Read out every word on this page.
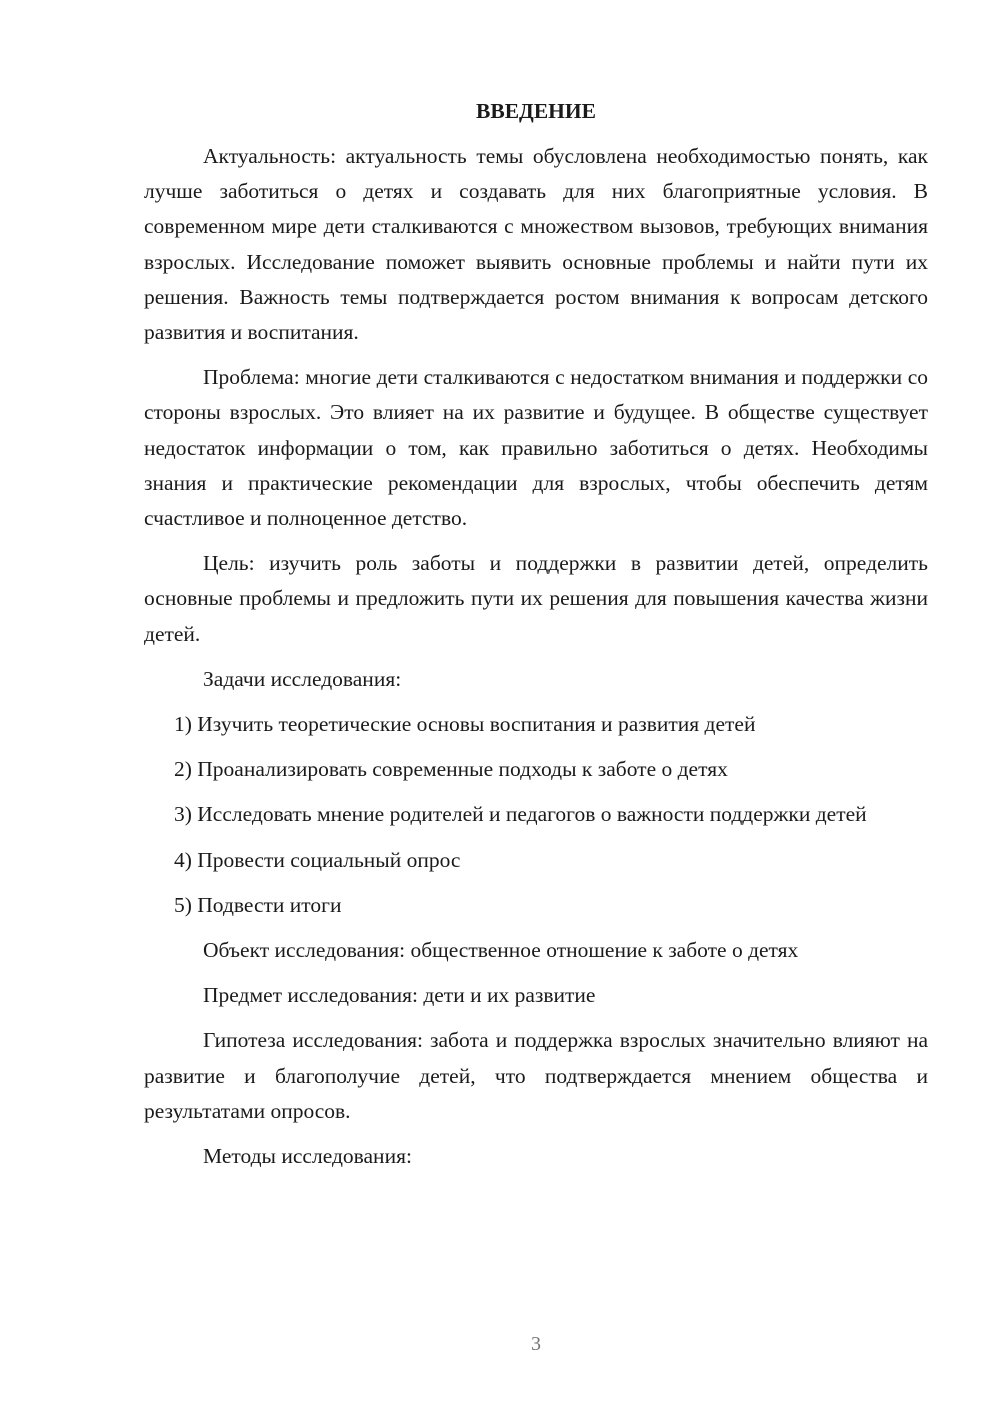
ВВЕДЕНИЕ

Актуальность: актуальность темы обусловлена необходимостью понять, как лучше заботиться о детях и создавать для них благоприятные условия. В современном мире дети сталкиваются с множеством вызовов, требующих внимания взрослых. Исследование поможет выявить основные проблемы и найти пути их решения. Важность темы подтверждается ростом внимания к вопросам детского развития и воспитания.

Проблема: многие дети сталкиваются с недостатком внимания и поддержки со стороны взрослых. Это влияет на их развитие и будущее. В обществе существует недостаток информации о том, как правильно заботиться о детях. Необходимы знания и практические рекомендации для взрослых, чтобы обеспечить детям счастливое и полноценное детство.

Цель: изучить роль заботы и поддержки в развитии детей, определить основные проблемы и предложить пути их решения для повышения качества жизни детей.

Задачи исследования:

1) Изучить теоретические основы воспитания и развития детей

2) Проанализировать современные подходы к заботе о детях

3) Исследовать мнение родителей и педагогов о важности поддержки детей

4) Провести социальный опрос

5) Подвести итоги

Объект исследования: общественное отношение к заботе о детях

Предмет исследования: дети и их развитие

Гипотеза исследования: забота и поддержка взрослых значительно влияют на развитие и благополучие детей, что подтверждается мнением общества и результатами опросов.

Методы исследования:

3
